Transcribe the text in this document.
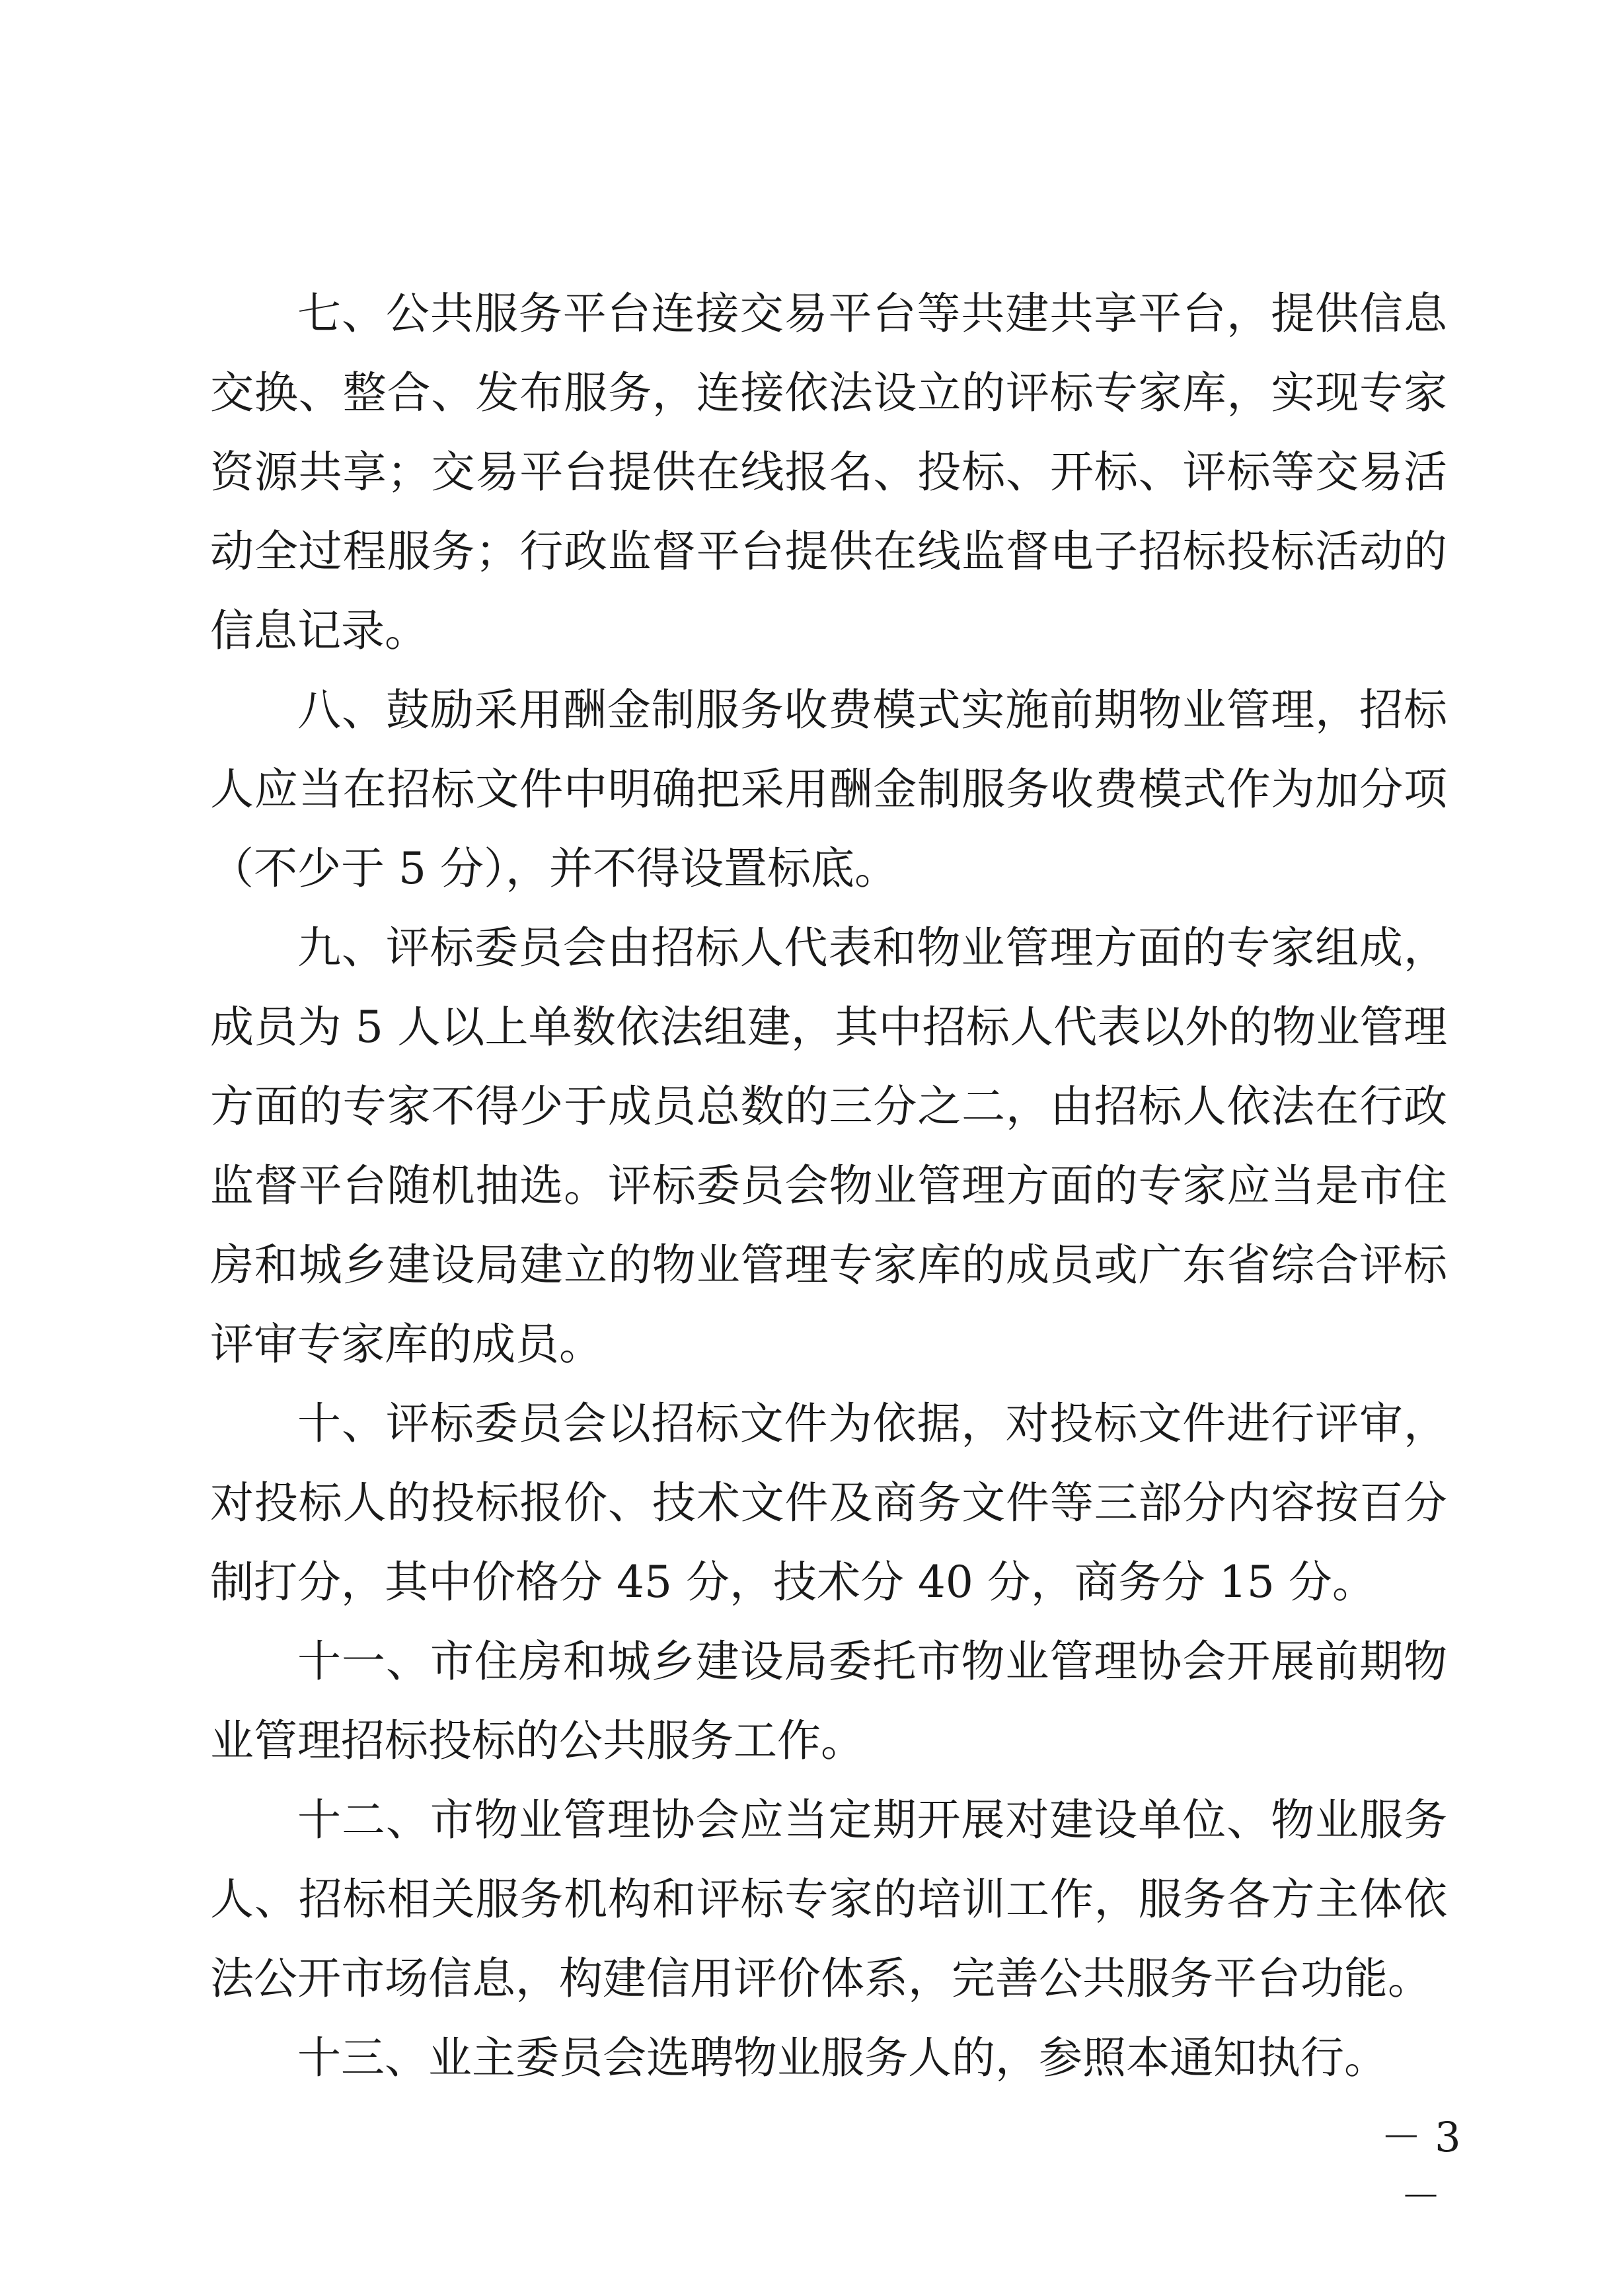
七、公共服务平台连接交易平台等共建共享平台，提供信息
交换、整合、发布服务，连接依法设立的评标专家库，实现专家
资源共享；交易平台提供在线报名、投标、开标、评标等交易活
动全过程服务；行政监督平台提供在线监督电子招标投标活动的
信息记录。
八、鼓励采用酬金制服务收费模式实施前期物业管理，招标
人应当在招标文件中明确把采用酬金制服务收费模式作为加分项
（不少于 5 分），并不得设置标底。
九、评标委员会由招标人代表和物业管理方面的专家组成，
成员为 5 人以上单数依法组建，其中招标人代表以外的物业管理
方面的专家不得少于成员总数的三分之二，由招标人依法在行政
监督平台随机抽选。评标委员会物业管理方面的专家应当是市住
房和城乡建设局建立的物业管理专家库的成员或广东省综合评标
评审专家库的成员。
十、评标委员会以招标文件为依据，对投标文件进行评审，
对投标人的投标报价、技术文件及商务文件等三部分内容按百分
制打分，其中价格分 45 分，技术分 40 分，商务分 15 分。
十一、市住房和城乡建设局委托市物业管理协会开展前期物
业管理招标投标的公共服务工作。
十二、市物业管理协会应当定期开展对建设单位、物业服务
人、招标相关服务机构和评标专家的培训工作，服务各方主体依
法公开市场信息，构建信用评价体系，完善公共服务平台功能。
十三、业主委员会选聘物业服务人的，参照本通知执行。
－ 3 －
